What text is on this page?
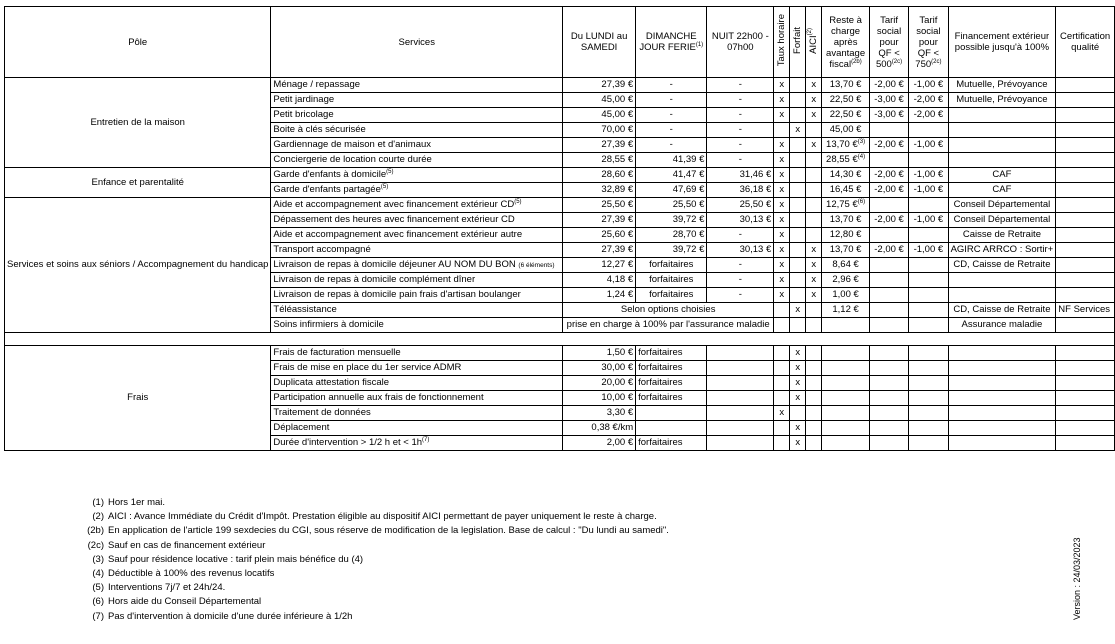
Pôle	Services	Du LUNDI au SAMEDI	DIMANCHE JOUR FERIE$^{(1)}$	NUIT 22h00 - 07h00	Taux horaire	Forfait	AICI$^{(2)}$	Reste à charge après avantage fiscal$^{(2b)}$	Tarif social pour QF < $500^{(2c)}$	Tarif social pour QF < $750^{(2c)}$	Financement extérieur possible jusqu'à 100%	Certification qualité
Entretien de la maison	Ménage / repassage	27,39 €	-	-	x		x	13,70 €	-2,00 €	-1,00 €	Mutuelle, Prévoyance	
	Petit jardinage	45,00 €	-	-	x		x	22,50 €	-3,00 €	-2,00 €	Mutuelle, Prévoyance	
	Petit bricolage	45,00 €	-	-	x		x	22,50 €	-3,00 €	-2,00 €		
	Boite à clés sécurisée	70,00 €	-	-		x		45,00 €				
	Gardiennage de maison et d'animaux	27,39 €	-	-	x		x	13,70 €$^{(3)}$	-2,00 €	-1,00 €		
	Conciergerie de location courte durée	28,55 €	41,39 €	-	x			28,55 €$^{(4)}$				
Enfance et parentalité	Garde d'enfants à domicile$^{(5)}$	28,60 €	41,47 €	31,46 €	x			14,30 €	-2,00 €	-1,00 €	CAF	
	Garde d'enfants partagée$^{(5)}$	32,89 €	47,69 €	36,18 €	x			16,45 €	-2,00 €	-1,00 €	CAF	
Services et soins aux séniors / Accompagnement du handicap	Aide et accompagnement avec financement extérieur CD$^{(5)}$	25,50 €	25,50 €	25,50 €	x			12,75 €$^{(6)}$			Conseil Départemental	
	Dépassement des heures avec financement extérieur CD	27,39 €	39,72 €	30,13 €	x			13,70 €	-2,00 €	-1,00 €	Conseil Départemental	
	Aide et accompagnement avec financement extérieur autre	25,60 €	28,70 €	-	x			12,80 €			Caisse de Retraite	
	Transport accompagné	27,39 €	39,72 €	30,13 €	x		x	13,70 €	-2,00 €	-1,00 €	AGIRC ARRCO : Sortir+	
	Livraison de repas à domicile déjeuner AU NOM DU BON (6 éléments)	12,27 €	forfaitaires	-	x		x	8,64 €			CD, Caisse de Retraite	
	Livraison de repas à domicile complément dîner	4,18 €	forfaitaires	-	x		x	2,96 €				
	Livraison de repas à domicile pain frais d'artisan boulanger	1,24 €	forfaitaires	-	x		x	1,00 €				
	Téléassistance	Selon options choisies				x		1,12 €			CD, Caisse de Retraite	NF Services
	Soins infirmiers à domicile	prise en charge à 100% par l'assurance maladie									Assurance maladie	

Frais	Frais de facturation mensuelle	1,50 €	forfaitaires			x						
	Frais de mise en place du 1er service ADMR	30,00 €	forfaitaires			x						
	Duplicata attestation fiscale	20,00 €	forfaitaires			x						
	Participation annuelle aux frais de fonctionnement	10,00 €	forfaitaires			x						
	Traitement de données	3,30 €			x							
	Déplacement	0,38 €/km				x						
	Durée d'intervention > 1/2 h et < $1h^{(7)}$	2,00 €	forfaitaires			x						
(1) Hors 1er mai.
(2) AICI : Avance Immédiate du Crédit d'Impôt. Prestation éligible au dispositif AICI permettant de payer uniquement le reste à charge.
(2b) En application de l'article 199 sexdecies du CGI, sous réserve de modification de la legislation. Base de calcul : "Du lundi au samedi".
(2c) Sauf en cas de financement extérieur
(3) Sauf pour résidence locative : tarif plein mais bénéfice du (4)
(4) Déductible à 100% des revenus locatifs
(5) Interventions 7j/7 et 24h/24.
(6) Hors aide du Conseil Départemental
(7) Pas d'intervention à domicile d'une durée inférieure à 1/2h	Version : 24/03/2023
